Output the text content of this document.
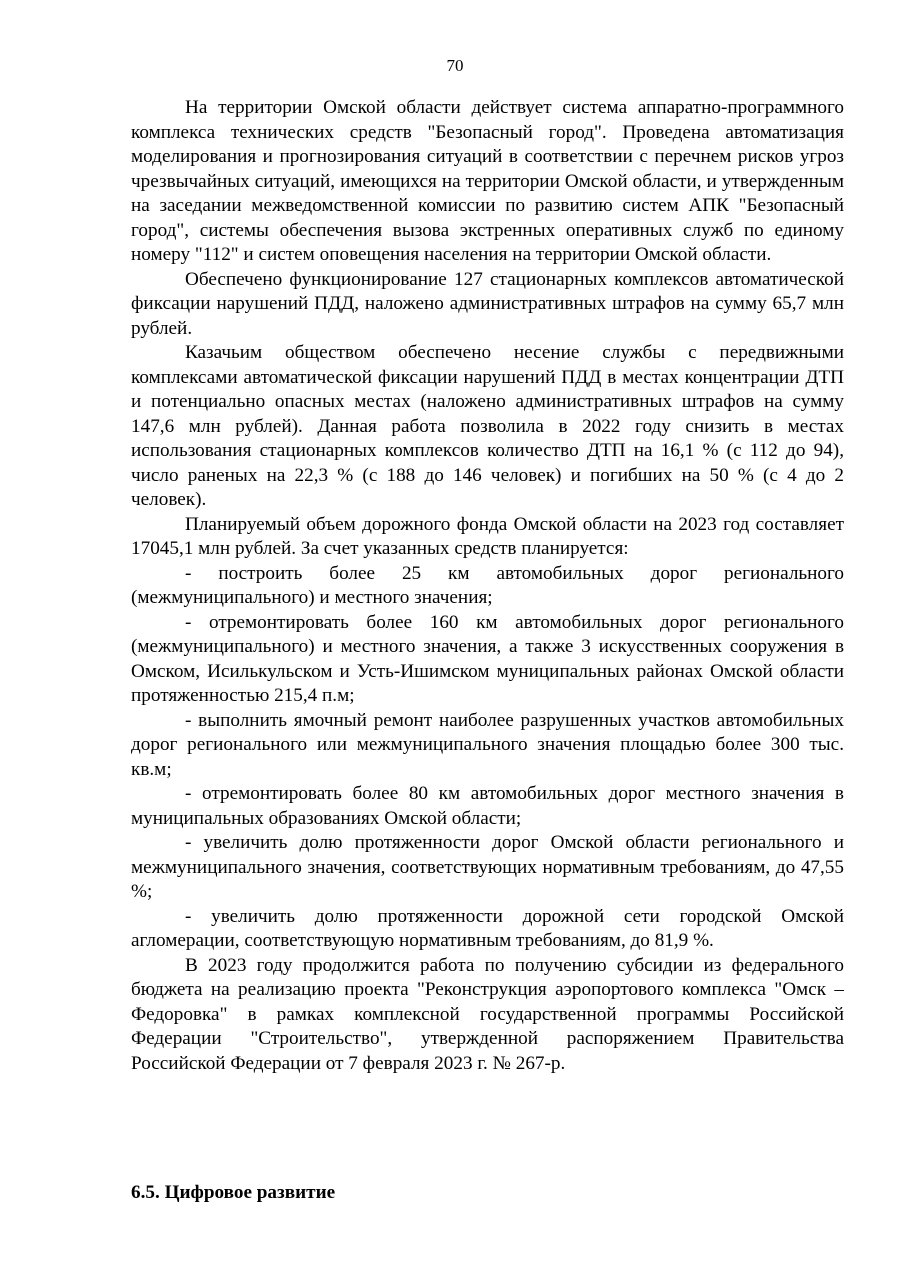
70

На территории Омской области действует система аппаратно-программного комплекса технических средств "Безопасный город". Проведена автоматизация моделирования и прогнозирования ситуаций в соответствии с перечнем рисков угроз чрезвычайных ситуаций, имеющихся на территории Омской области, и утвержденным на заседании межведомственной комиссии по развитию систем АПК "Безопасный город", системы обеспечения вызова экстренных оперативных служб по единому номеру "112" и систем оповещения населения на территории Омской области.

Обеспечено функционирование 127 стационарных комплексов автоматической фиксации нарушений ПДД, наложено административных штрафов на сумму 65,7 млн рублей.

Казачьим обществом обеспечено несение службы с передвижными комплексами автоматической фиксации нарушений ПДД в местах концентрации ДТП и потенциально опасных местах (наложено административных штрафов на сумму 147,6 млн рублей). Данная работа позволила в 2022 году снизить в местах использования стационарных комплексов количество ДТП на 16,1 % (с 112 до 94), число раненых на 22,3 % (с 188 до 146 человек) и погибших на 50 % (с 4 до 2 человек).

Планируемый объем дорожного фонда Омской области на 2023 год составляет 17045,1 млн рублей. За счет указанных средств планируется:

- построить более 25 км автомобильных дорог регионального (межмуниципального) и местного значения;

- отремонтировать более 160 км автомобильных дорог регионального (межмуниципального) и местного значения, а также 3 искусственных сооружения в Омском, Исилькульском и Усть-Ишимском муниципальных районах Омской области протяженностью 215,4 п.м;

- выполнить ямочный ремонт наиболее разрушенных участков автомобильных дорог регионального или межмуниципального значения площадью более 300 тыс. кв.м;

- отремонтировать более 80 км автомобильных дорог местного значения в муниципальных образованиях Омской области;

- увеличить долю протяженности дорог Омской области регионального и межмуниципального значения, соответствующих нормативным требованиям, до 47,55 %;

- увеличить долю протяженности дорожной сети городской Омской агломерации, соответствующую нормативным требованиям, до 81,9 %.

В 2023 году продолжится работа по получению субсидии из федерального бюджета на реализацию проекта "Реконструкция аэропортового комплекса "Омск – Федоровка" в рамках комплексной государственной программы Российской Федерации "Строительство", утвержденной распоряжением Правительства Российской Федерации от 7 февраля 2023 г. № 267-р.

6.5. Цифровое развитие
